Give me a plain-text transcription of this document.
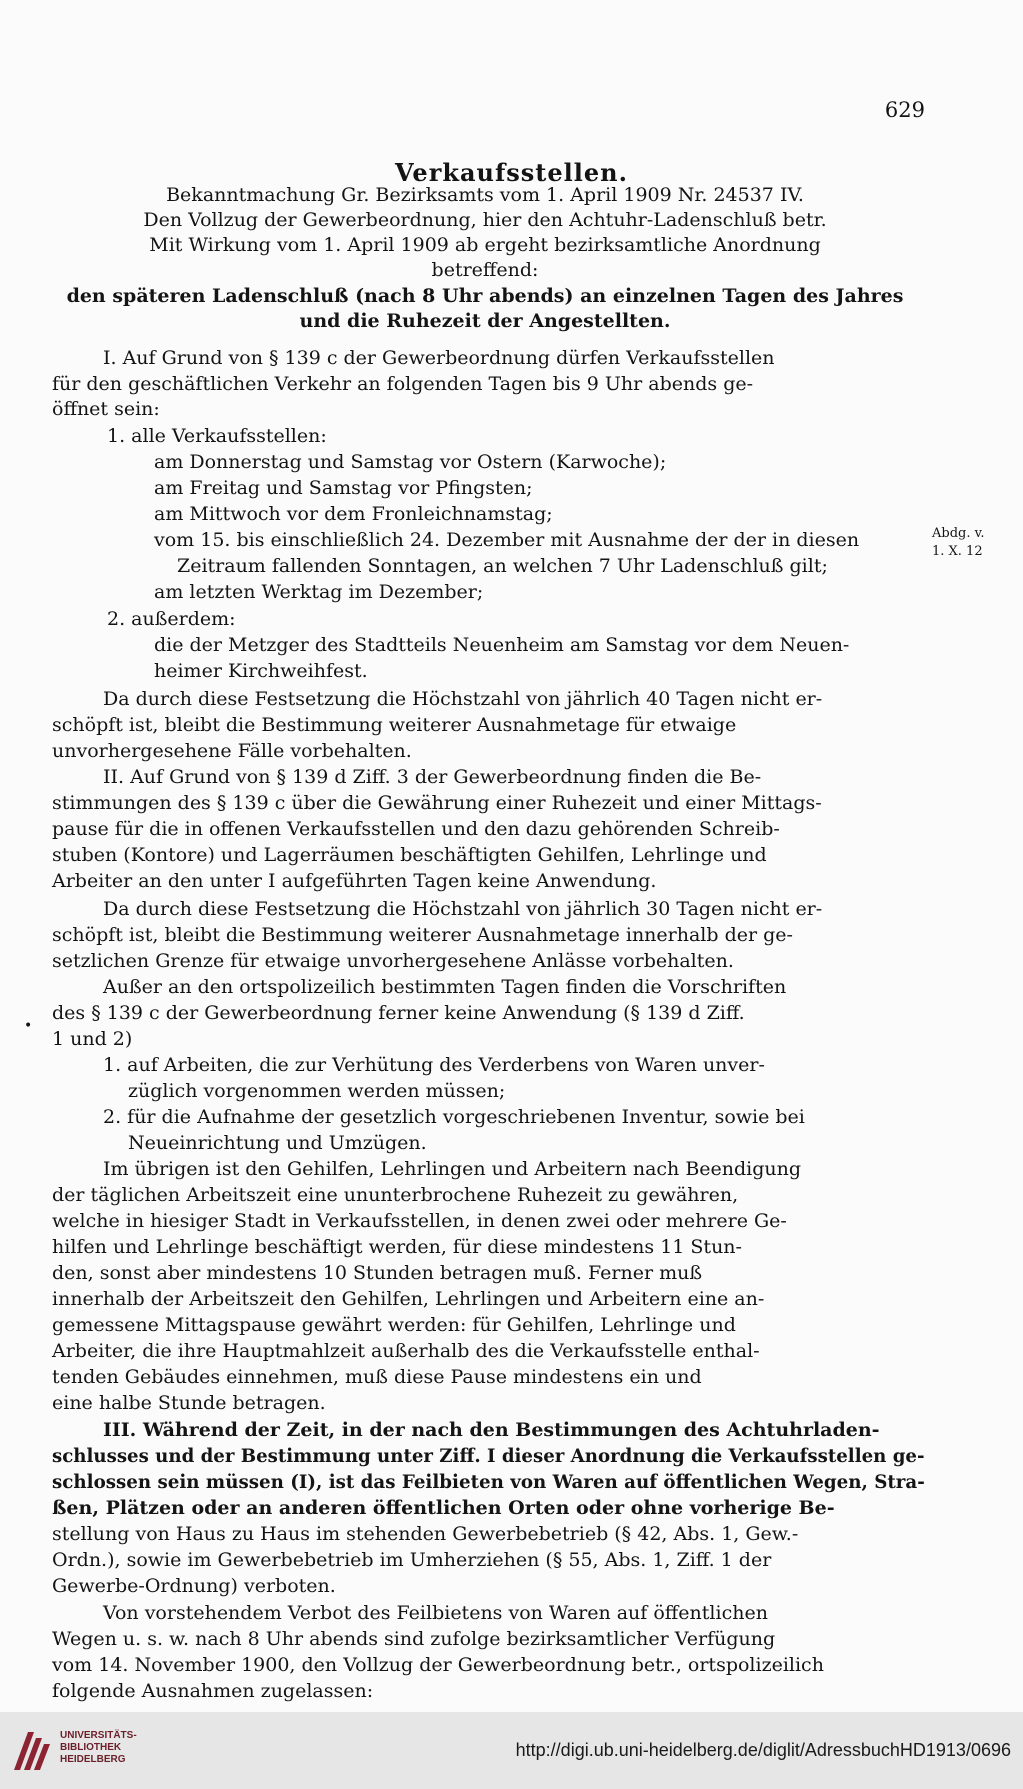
629
Verkaufsstellen.
Bekanntmachung Gr. Bezirksamts vom 1. April 1909 Nr. 24537 IV.
Den Vollzug der Gewerbeordnung, hier den Achtuhr-Ladenschluß betr.
Mit Wirkung vom 1. April 1909 ab ergeht bezirksamtliche Anordnung
betreffend:
den späteren Ladenschluß (nach 8 Uhr abends) an einzelnen Tagen des Jahres
und die Ruhezeit der Angestellten.
I. Auf Grund von § 139 c der Gewerbeordnung dürfen Verkaufsstellen
für den geschäftlichen Verkehr an folgenden Tagen bis 9 Uhr abends ge-
öffnet sein:
1. alle Verkaufsstellen:
am Donnerstag und Samstag vor Ostern (Karwoche);
am Freitag und Samstag vor Pfingsten;
am Mittwoch vor dem Fronleichnamstag;
vom 15. bis einschließlich 24. Dezember mit Ausnahme der der in diesen
Zeitraum fallenden Sonntagen, an welchen 7 Uhr Ladenschluß gilt;
am letzten Werktag im Dezember;
2. außerdem:
die der Metzger des Stadtteils Neuenheim am Samstag vor dem Neuen-
heimer Kirchweihfest.
Da durch diese Festsetzung die Höchstzahl von jährlich 40 Tagen nicht er-
schöpft ist, bleibt die Bestimmung weiterer Ausnahmetage für etwaige
unvorhergesehene Fälle vorbehalten.
II. Auf Grund von § 139 d Ziff. 3 der Gewerbeordnung finden die Be-
stimmungen des § 139 c über die Gewährung einer Ruhezeit und einer Mittags-
pause für die in offenen Verkaufsstellen und den dazu gehörenden Schreib-
stuben (Kontore) und Lagerräumen beschäftigten Gehilfen, Lehrlinge und
Arbeiter an den unter I aufgeführten Tagen keine Anwendung.
Da durch diese Festsetzung die Höchstzahl von jährlich 30 Tagen nicht er-
schöpft ist, bleibt die Bestimmung weiterer Ausnahmetage innerhalb der ge-
setzlichen Grenze für etwaige unvorhergesehene Anlässe vorbehalten.
Außer an den ortspolizeilich bestimmten Tagen finden die Vorschriften
des § 139 c der Gewerbeordnung ferner keine Anwendung (§ 139 d Ziff.
1 und 2)
1. auf Arbeiten, die zur Verhütung des Verderbens von Waren unver-
züglich vorgenommen werden müssen;
2. für die Aufnahme der gesetzlich vorgeschriebenen Inventur, sowie bei
Neueinrichtung und Umzügen.
Im übrigen ist den Gehilfen, Lehrlingen und Arbeitern nach Beendigung
der täglichen Arbeitszeit eine ununterbrochene Ruhezeit zu gewähren,
welche in hiesiger Stadt in Verkaufsstellen, in denen zwei oder mehrere Ge-
hilfen und Lehrlinge beschäftigt werden, für diese mindestens 11 Stun-
den, sonst aber mindestens 10 Stunden betragen muß. Ferner muß
innerhalb der Arbeitszeit den Gehilfen, Lehrlingen und Arbeitern eine an-
gemessene Mittagspause gewährt werden: für Gehilfen, Lehrlinge und
Arbeiter, die ihre Hauptmahlzeit außerhalb des die Verkaufsstelle enthal-
tenden Gebäudes einnehmen, muß diese Pause mindestens ein und
eine halbe Stunde betragen.
III. Während der Zeit, in der nach den Bestimmungen des Achtuhrladen-
schlusses und der Bestimmung unter Ziff. I dieser Anordnung die Verkaufsstellen ge-
schlossen sein müssen (I), ist das Feilbieten von Waren auf öffentlichen Wegen, Stra-
ßen, Plätzen oder an anderen öffentlichen Orten oder ohne vorherige Be-
stellung von Haus zu Haus im stehenden Gewerbebetrieb (§ 42, Abs. 1, Gew.-
Ordn.), sowie im Gewerbebetrieb im Umherziehen (§ 55, Abs. 1, Ziff. 1 der
Gewerbe-Ordnung) verboten.
Von vorstehendem Verbot des Feilbietens von Waren auf öffentlichen
Wegen u. s. w. nach 8 Uhr abends sind zufolge bezirksamtlicher Verfügung
vom 14. November 1900, den Vollzug der Gewerbeordnung betr., ortspolizeilich
folgende Ausnahmen zugelassen:
Abdg. v.
1. X. 12
•
UNIVERSITÄTS-
BIBLIOTHEK
HEIDELBERG	http://digi.ub.uni-heidelberg.de/diglit/AdressbuchHD1913/0696
